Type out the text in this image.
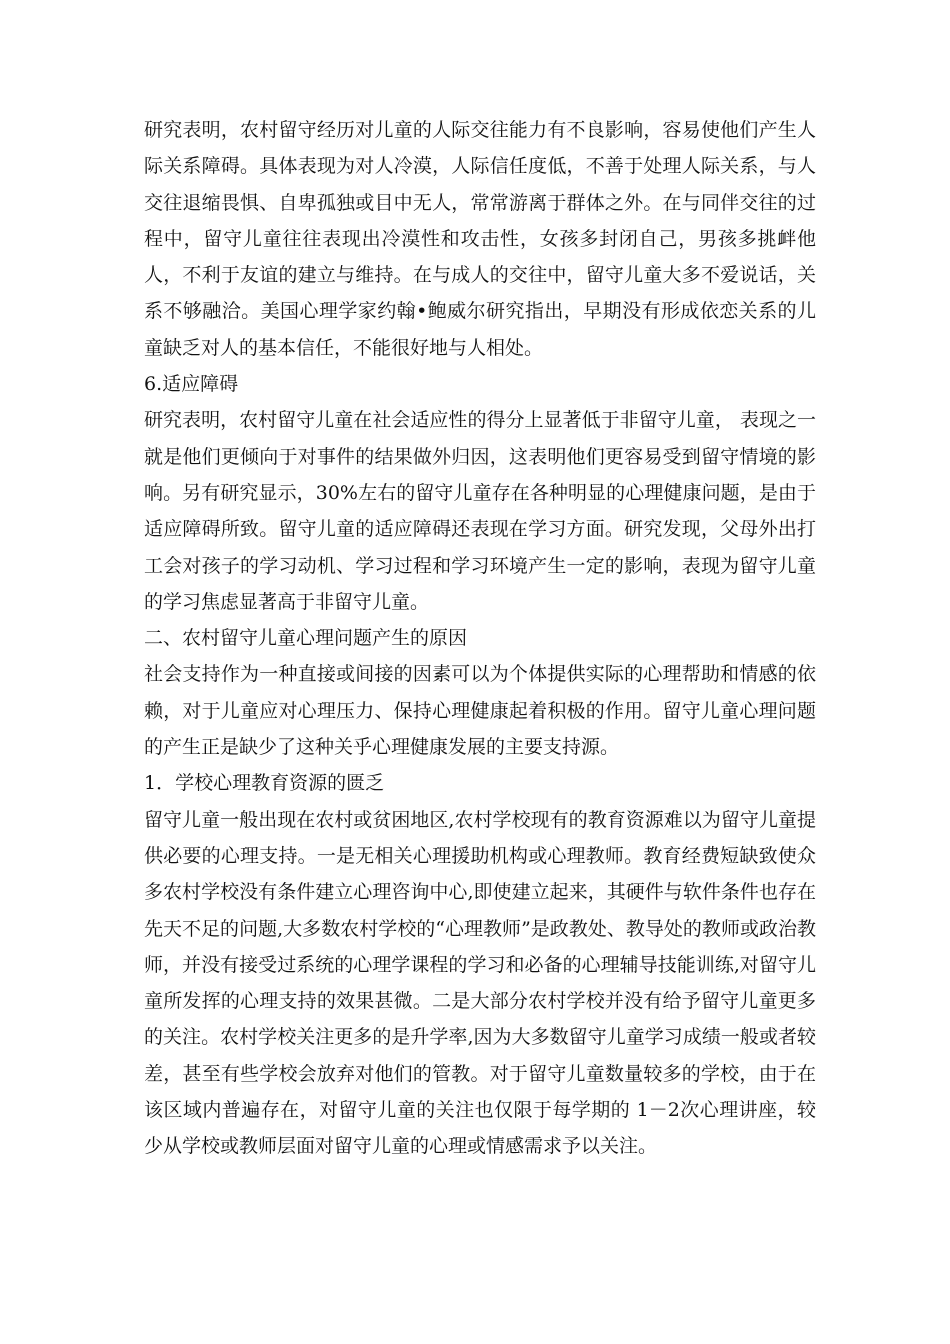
研究表明，农村留守经历对儿童的人际交往能力有不良影响，容易使他们产生人际关系障碍。具体表现为对人冷漠，人际信任度低，不善于处理人际关系，与人交往退缩畏惧、自卑孤独或目中无人，常常游离于群体之外。在与同伴交往的过程中，留守儿童往往表现出冷漠性和攻击性，女孩多封闭自己，男孩多挑衅他人，不利于友谊的建立与维持。在与成人的交往中，留守儿童大多不爱说话，关系不够融洽。美国心理学家约翰•鲍威尔研究指出，早期没有形成依恋关系的儿童缺乏对人的基本信任，不能很好地与人相处。

6.适应障碍

研究表明，农村留守儿童在社会适应性的得分上显著低于非留守儿童， 表现之一就是他们更倾向于对事件的结果做外归因，这表明他们更容易受到留守情境的影响。另有研究显示，30%左右的留守儿童存在各种明显的心理健康问题，是由于适应障碍所致。留守儿童的适应障碍还表现在学习方面。研究发现，父母外出打工会对孩子的学习动机、学习过程和学习环境产生一定的影响，表现为留守儿童的学习焦虑显著高于非留守儿童。

二、农村留守儿童心理问题产生的原因

社会支持作为一种直接或间接的因素可以为个体提供实际的心理帮助和情感的依赖，对于儿童应对心理压力、保持心理健康起着积极的作用。留守儿童心理问题的产生正是缺少了这种关乎心理健康发展的主要支持源。

1．学校心理教育资源的匮乏

留守儿童一般出现在农村或贫困地区,农村学校现有的教育资源难以为留守儿童提供必要的心理支持。一是无相关心理援助机构或心理教师。教育经费短缺致使众多农村学校没有条件建立心理咨询中心,即使建立起来，其硬件与软件条件也存在先天不足的问题,大多数农村学校的“心理教师”是政教处、教导处的教师或政治教师，并没有接受过系统的心理学课程的学习和必备的心理辅导技能训练,对留守儿童所发挥的心理支持的效果甚微。二是大部分农村学校并没有给予留守儿童更多的关注。农村学校关注更多的是升学率,因为大多数留守儿童学习成绩一般或者较差，甚至有些学校会放弃对他们的管教。对于留守儿童数量较多的学校，由于在该区域内普遍存在，对留守儿童的关注也仅限于每学期的 1－2次心理讲座，较少从学校或教师层面对留守儿童的心理或情感需求予以关注。
